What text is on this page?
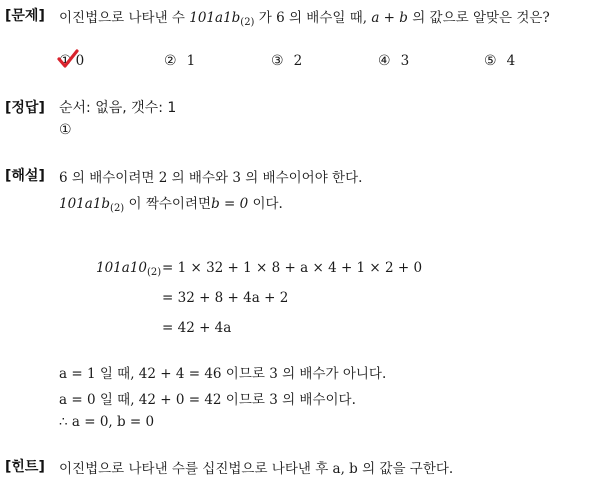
[문제] 이진법으로 나타낸 수 $101a1b_{(2)}$ 가 6 의 배수일 때, a + b 의 값으로 알맞은 것은?
① 0	② 1	③ 2	④ 3	⑤ 4
[정답] 순서: 없음, 갯수: 1
①
[해설] 6 의 배수이려면 2 의 배수와 3 의 배수이어야 한다.
$101a1b_{(2)}$ 이 짝수이려면b = 0 이다.
$101a10_{(2)} = 1 \times 32 + 1 \times 8 + a \times 4 + 1 \times 2 + 0$
= 32 + 8 + 4a + 2
= 42 + 4a
a = 1 일 때, 42 + 4 = 46 이므로 3 의 배수가 아니다.
a = 0 일 때, 42 + 0 = 42 이므로 3 의 배수이다.
∴ a = 0, b = 0
[힌트] 이진법으로 나타낸 수를 십진법으로 나타낸 후 a, b 의 값을 구한다.
